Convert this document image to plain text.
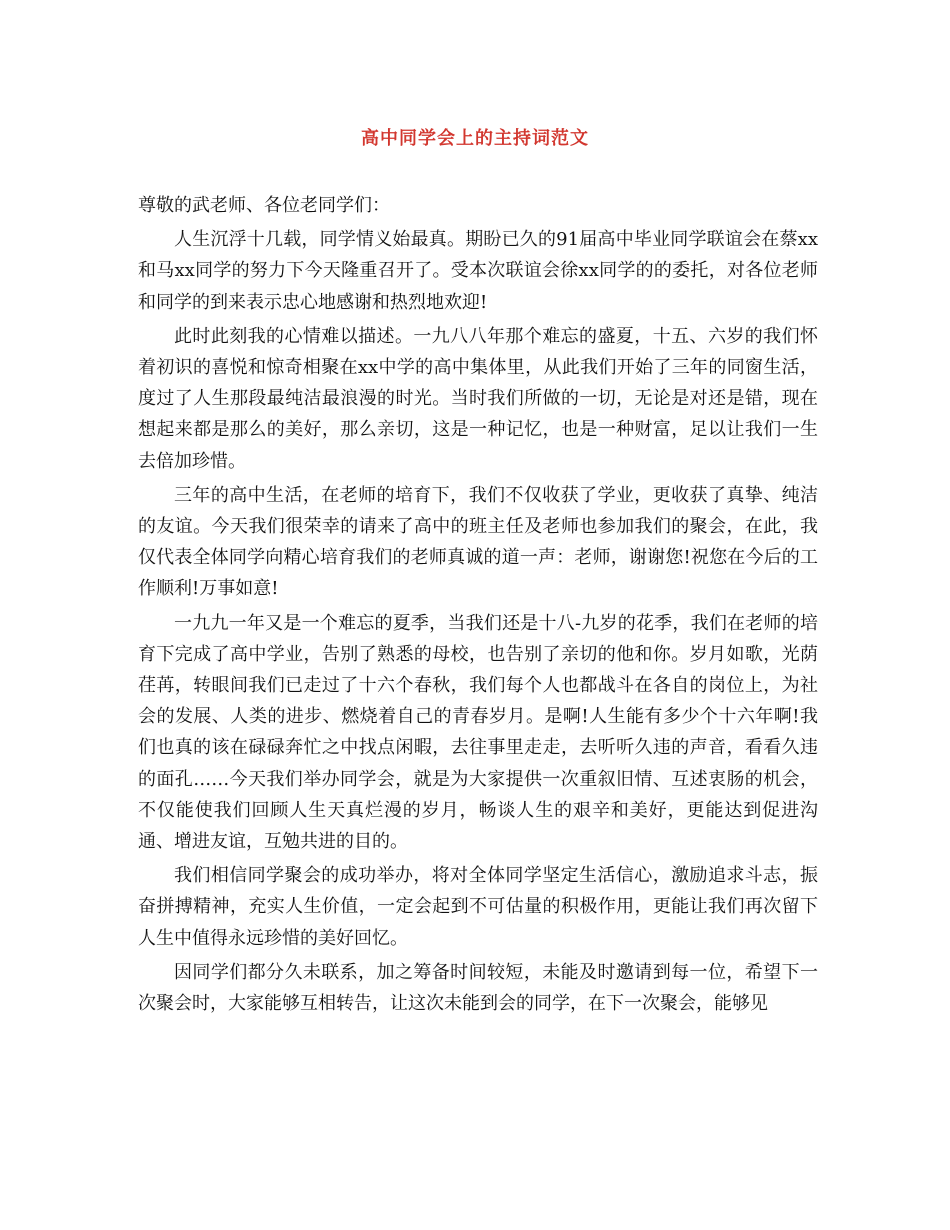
高中同学会上的主持词范文

尊敬的武老师、各位老同学们：

人生沉浮十几载，同学情义始最真。期盼已久的91届高中毕业同学联谊会在蔡xx和马xx同学的努力下今天隆重召开了。受本次联谊会徐xx同学的的委托，对各位老师和同学的到来表示忠心地感谢和热烈地欢迎!

此时此刻我的心情难以描述。一九八八年那个难忘的盛夏，十五、六岁的我们怀着初识的喜悦和惊奇相聚在xx中学的高中集体里，从此我们开始了三年的同窗生活，度过了人生那段最纯洁最浪漫的时光。当时我们所做的一切，无论是对还是错，现在想起来都是那么的美好，那么亲切，这是一种记忆，也是一种财富，足以让我们一生去倍加珍惜。

三年的高中生活，在老师的培育下，我们不仅收获了学业，更收获了真挚、纯洁的友谊。今天我们很荣幸的请来了高中的班主任及老师也参加我们的聚会，在此，我仅代表全体同学向精心培育我们的老师真诚的道一声：老师，谢谢您!祝您在今后的工作顺利!万事如意!

一九九一年又是一个难忘的夏季，当我们还是十八-九岁的花季，我们在老师的培育下完成了高中学业，告别了熟悉的母校，也告别了亲切的他和你。岁月如歌，光荫荏苒，转眼间我们已走过了十六个春秋，我们每个人也都战斗在各自的岗位上，为社会的发展、人类的进步、燃烧着自己的青春岁月。是啊!人生能有多少个十六年啊!我们也真的该在碌碌奔忙之中找点闲暇，去往事里走走，去听听久违的声音，看看久违的面孔……今天我们举办同学会，就是为大家提供一次重叙旧情、互述衷肠的机会，不仅能使我们回顾人生天真烂漫的岁月，畅谈人生的艰辛和美好，更能达到促进沟通、增进友谊，互勉共进的目的。

我们相信同学聚会的成功举办，将对全体同学坚定生活信心，激励追求斗志，振奋拼搏精神，充实人生价值，一定会起到不可估量的积极作用，更能让我们再次留下人生中值得永远珍惜的美好回忆。

因同学们都分久未联系，加之筹备时间较短，未能及时邀请到每一位，希望下一次聚会时，大家能够互相转告，让这次未能到会的同学，在下一次聚会，能够见
